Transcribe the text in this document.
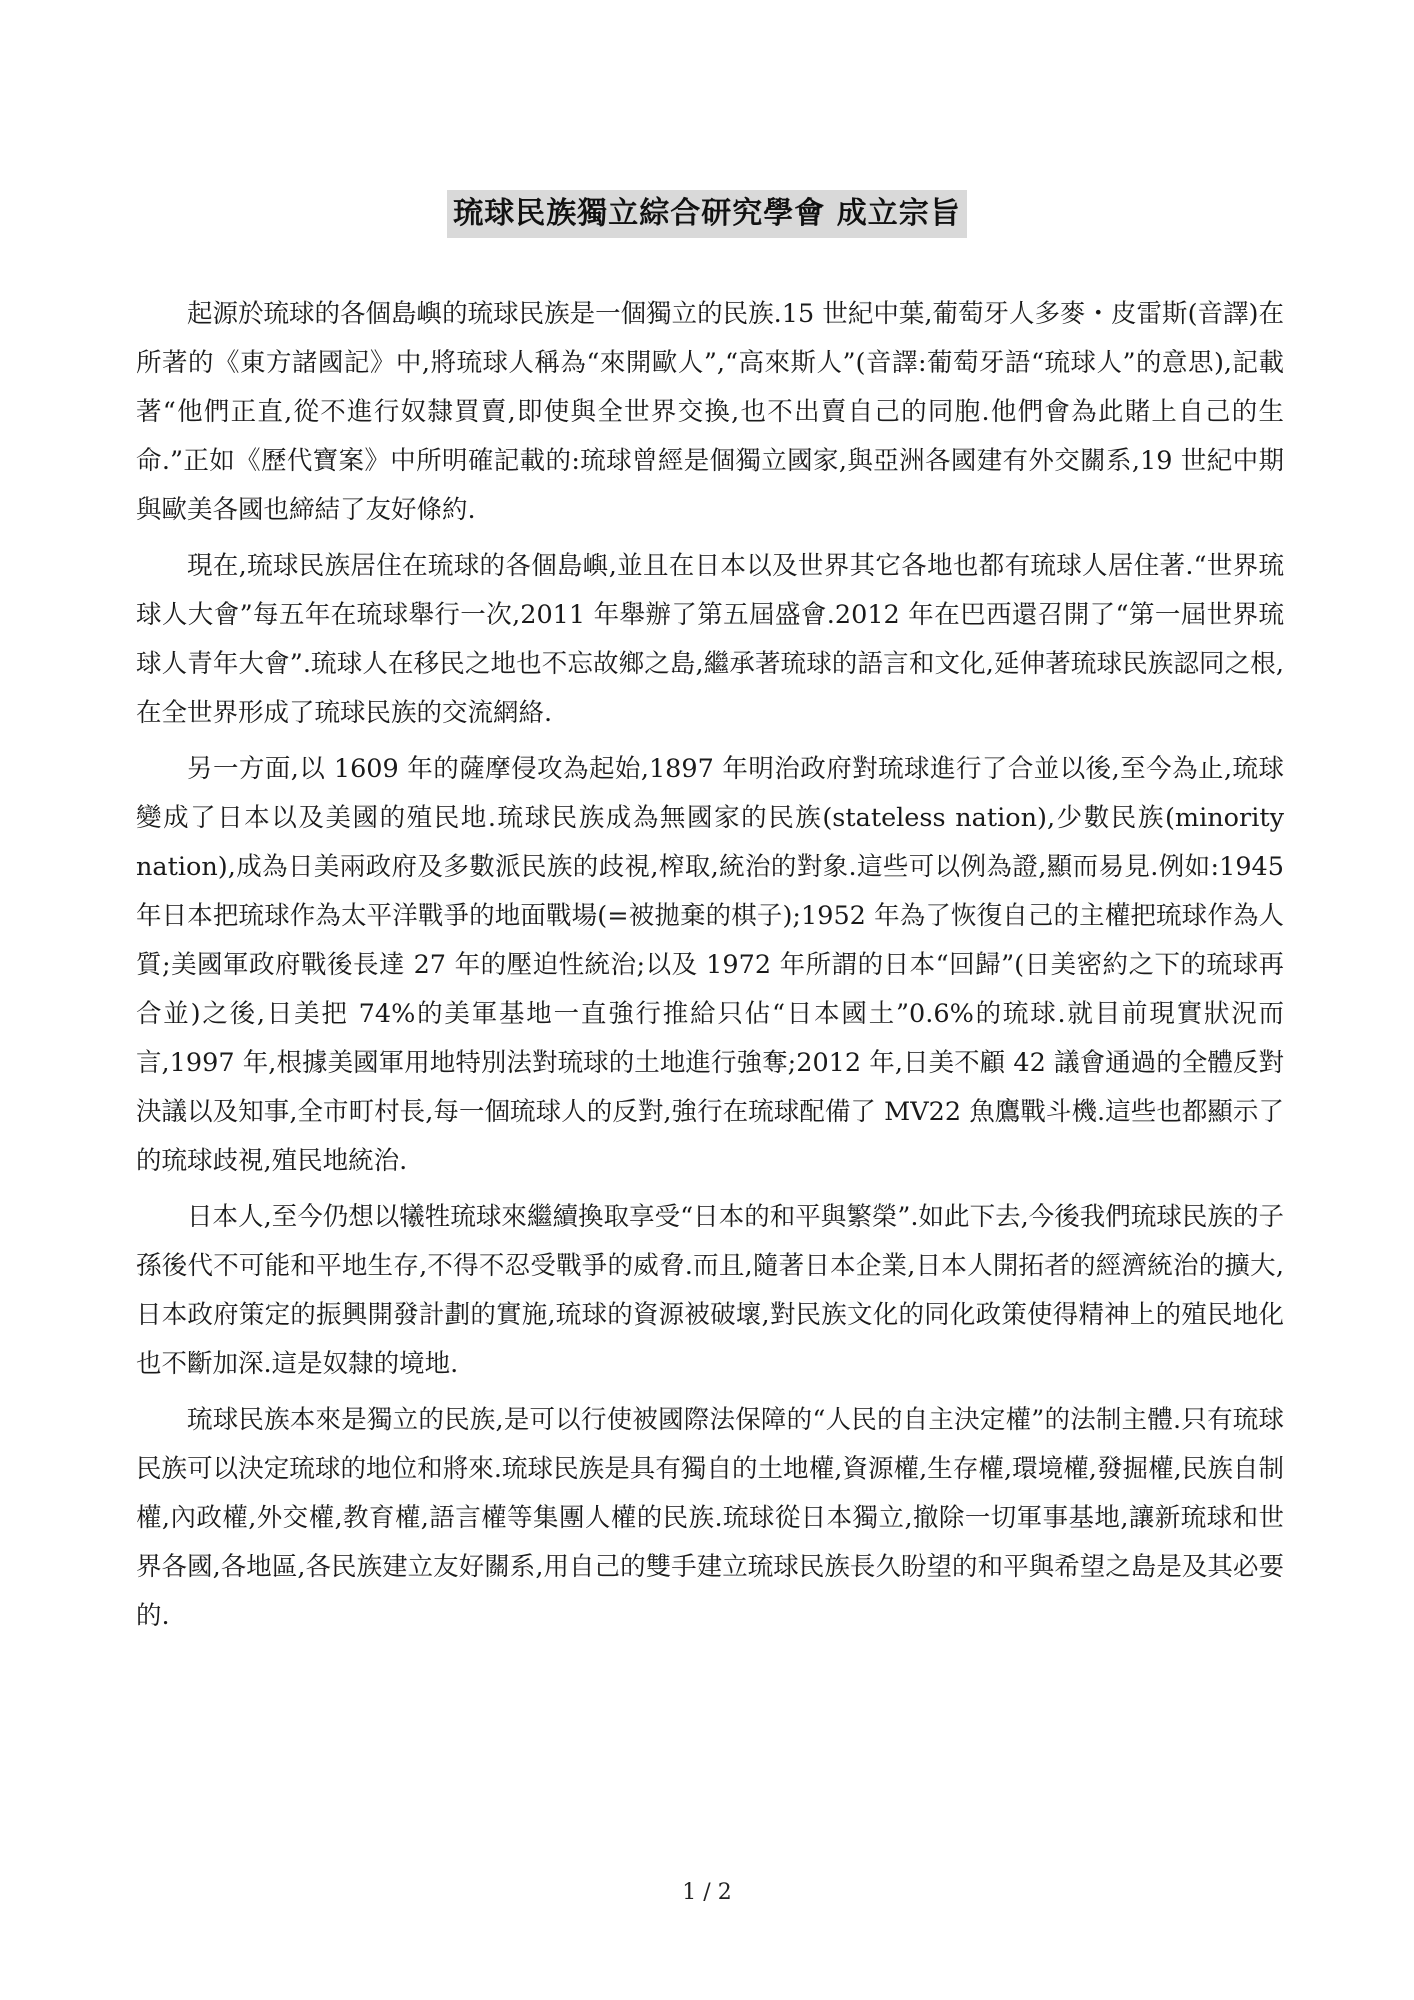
琉球民族獨立綜合研究學會 成立宗旨

起源於琉球的各個島嶼的琉球民族是一個獨立的民族.15 世紀中葉,葡萄牙人多麥・皮雷斯(音譯)在所著的《東方諸國記》中,將琉球人稱為“來開歐人”,“高來斯人”(音譯:葡萄牙語“琉球人”的意思),記載著“他們正直,從不進行奴隸買賣,即使與全世界交換,也不出賣自己的同胞.他們會為此賭上自己的生命.”正如《歷代寶案》中所明確記載的:琉球曾經是個獨立國家,與亞洲各國建有外交關系,19 世紀中期與歐美各國也締結了友好條約.

現在,琉球民族居住在琉球的各個島嶼,並且在日本以及世界其它各地也都有琉球人居住著.“世界琉球人大會”每五年在琉球舉行一次,2011 年舉辦了第五屆盛會.2012 年在巴西還召開了“第一屆世界琉球人青年大會”.琉球人在移民之地也不忘故鄉之島,繼承著琉球的語言和文化,延伸著琉球民族認同之根,在全世界形成了琉球民族的交流網絡.

另一方面,以 1609 年的薩摩侵攻為起始,1897 年明治政府對琉球進行了合並以後,至今為止,琉球變成了日本以及美國的殖民地.琉球民族成為無國家的民族(stateless nation),少數民族(minority nation),成為日美兩政府及多數派民族的歧視,榨取,統治的對象.這些可以例為證,顯而易見.例如:1945 年日本把琉球作為太平洋戰爭的地面戰場(=被拋棄的棋子);1952 年為了恢復自己的主權把琉球作為人質;美國軍政府戰後長達 27 年的壓迫性統治;以及 1972 年所謂的日本“回歸”(日美密約之下的琉球再合並)之後,日美把 74%的美軍基地一直強行推給只佔“日本國土”0.6%的琉球.就目前現實狀況而言,1997 年,根據美國軍用地特別法對琉球的土地進行強奪;2012 年,日美不顧 42 議會通過的全體反對決議以及知事,全市町村長,每一個琉球人的反對,強行在琉球配備了 MV22 魚鷹戰斗機.這些也都顯示了的琉球歧視,殖民地統治.

日本人,至今仍想以犧牲琉球來繼續換取享受“日本的和平與繁榮”.如此下去,今後我們琉球民族的子孫後代不可能和平地生存,不得不忍受戰爭的威脅.而且,隨著日本企業,日本人開拓者的經濟統治的擴大,日本政府策定的振興開發計劃的實施,琉球的資源被破壞,對民族文化的同化政策使得精神上的殖民地化也不斷加深.這是奴隸的境地.

琉球民族本來是獨立的民族,是可以行使被國際法保障的“人民的自主決定權”的法制主體.只有琉球民族可以決定琉球的地位和將來.琉球民族是具有獨自的土地權,資源權,生存權,環境權,發掘權,民族自制權,內政權,外交權,教育權,語言權等集團人權的民族.琉球從日本獨立,撤除一切軍事基地,讓新琉球和世界各國,各地區,各民族建立友好關系,用自己的雙手建立琉球民族長久盼望的和平與希望之島是及其必要的.

1 / 2
